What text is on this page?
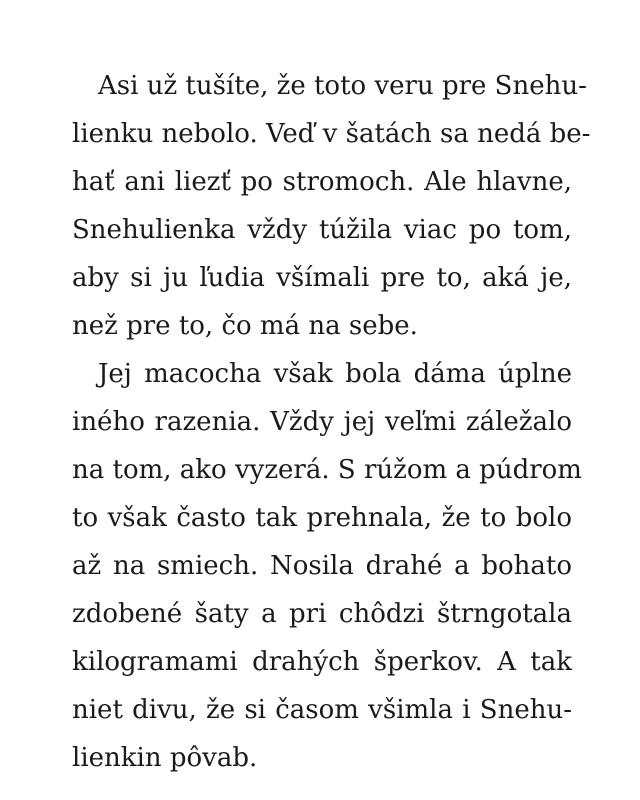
Asi už tušíte, že toto veru pre Snehu-
lienku nebolo. Veď v šatách sa nedá be-
hať ani liezť po stromoch. Ale hlavne,
Snehulienka vždy túžila viac po tom,
aby si ju ľudia všímali pre to, aká je,
než pre to, čo má na sebe.
Jej macocha však bola dáma úplne
iného razenia. Vždy jej veľmi záležalo
na tom, ako vyzerá. S rúžom a púdrom
to však často tak prehnala, že to bolo
až na smiech. Nosila drahé a bohato
zdobené šaty a pri chôdzi štrngotala
kilogramami drahých šperkov. A tak
niet divu, že si časom všimla i Snehu-
lienkin pôvab.
